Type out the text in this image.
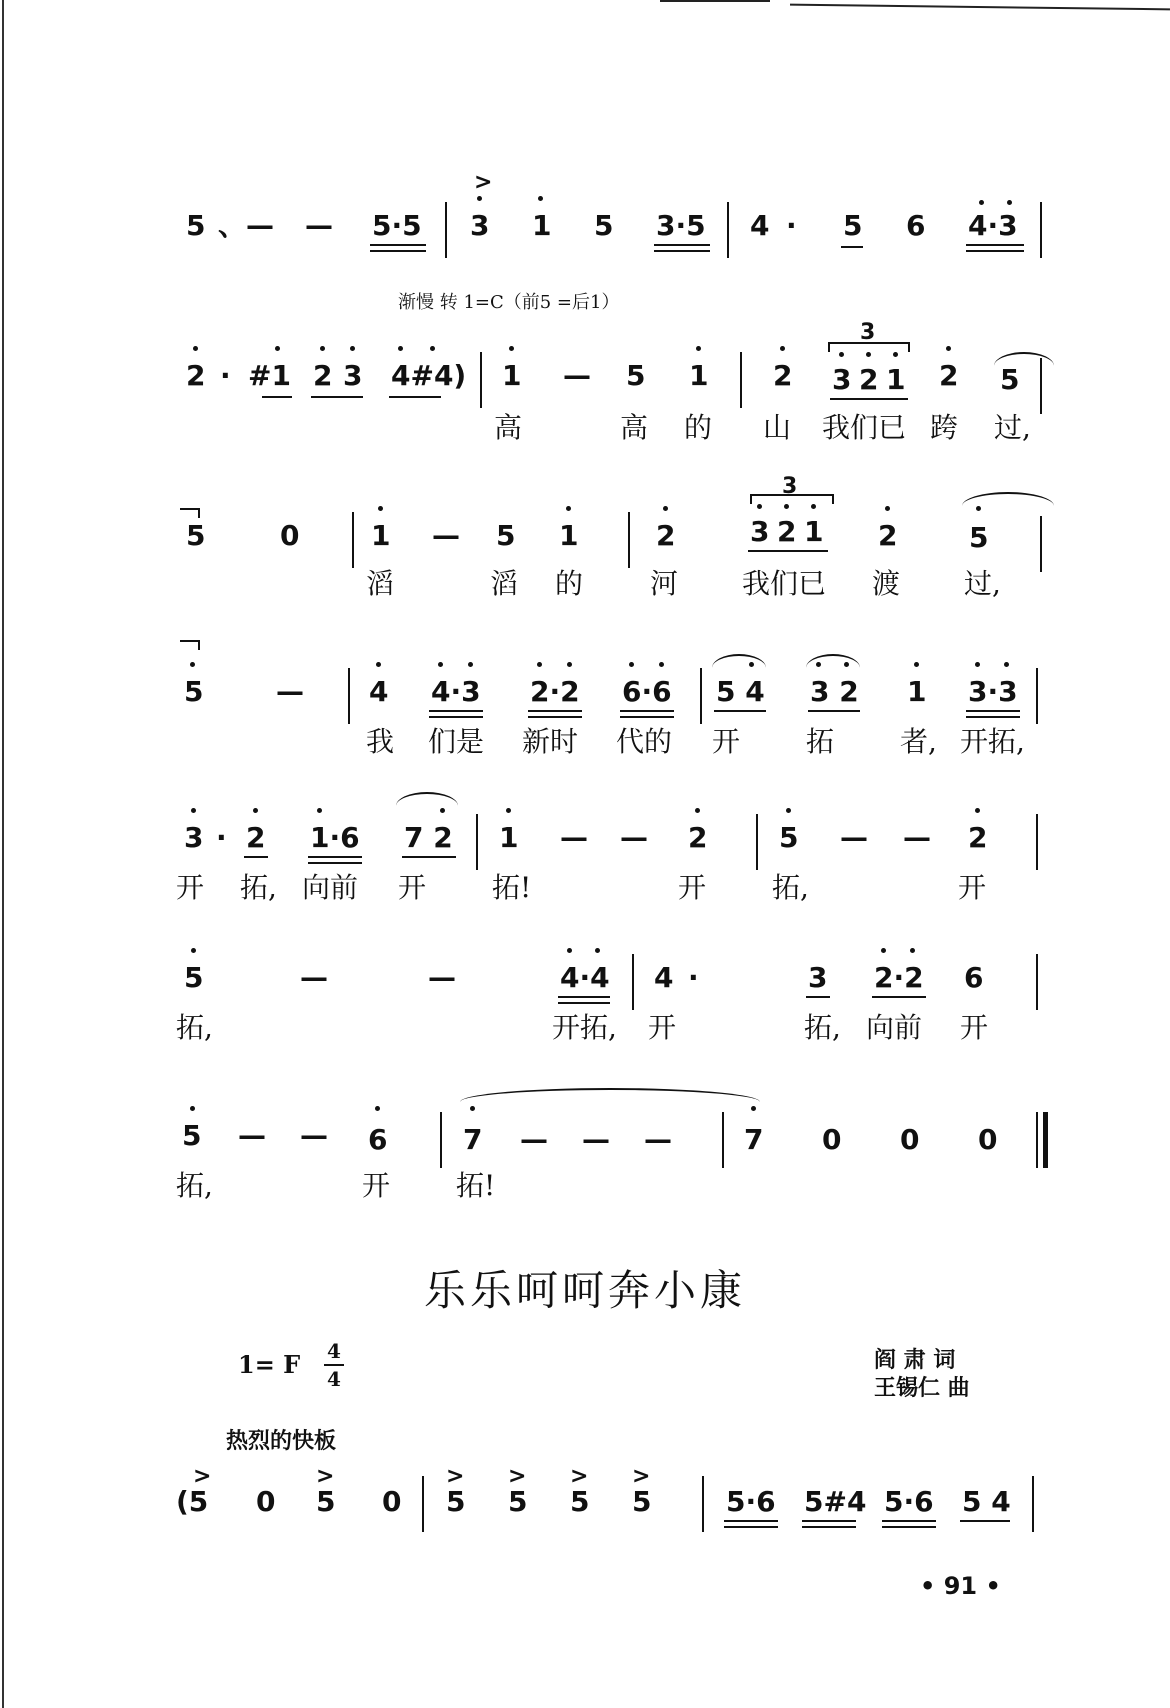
5 、— — 5·5
>
3 1 5 3·5 4 · 5 6 4·3
渐慢 转 1=C（前5 =后1）
2 · #1 2 3 4#4) 1 — 5 1 2
3
3 2 1 2 5
高	高 的 山 我们已 跨 过,
5	0	1 — 5 1	2
3
3 2 1 2	5
滔	滔 的 河 我们已 渡 过,
5	— 4 4·3 2·2 6·6 5 4 3 2 1 3·3
我 们是 新时 代的 开 拓 者, 开拓,
3 · 2 1·6 7 2 1 — — 2	5 — — 2
开 拓, 向前 开 拓!	开 拓,	开
5	—	—	4·4 4 ·	3 2·2 6
拓,	开拓, 开	拓, 向前 开
5 — — 6	7 — — —	7 0 0 0
拓,	开 拓!
乐乐呵呵奔小康
1= F 4
4
阎 肃 词
王锡仁 曲
热烈的快板
>
(5 0
>
5 0
>
5
>
5
>
5
>
5	5·6 5#4 5·6 5 4
• 91 •
